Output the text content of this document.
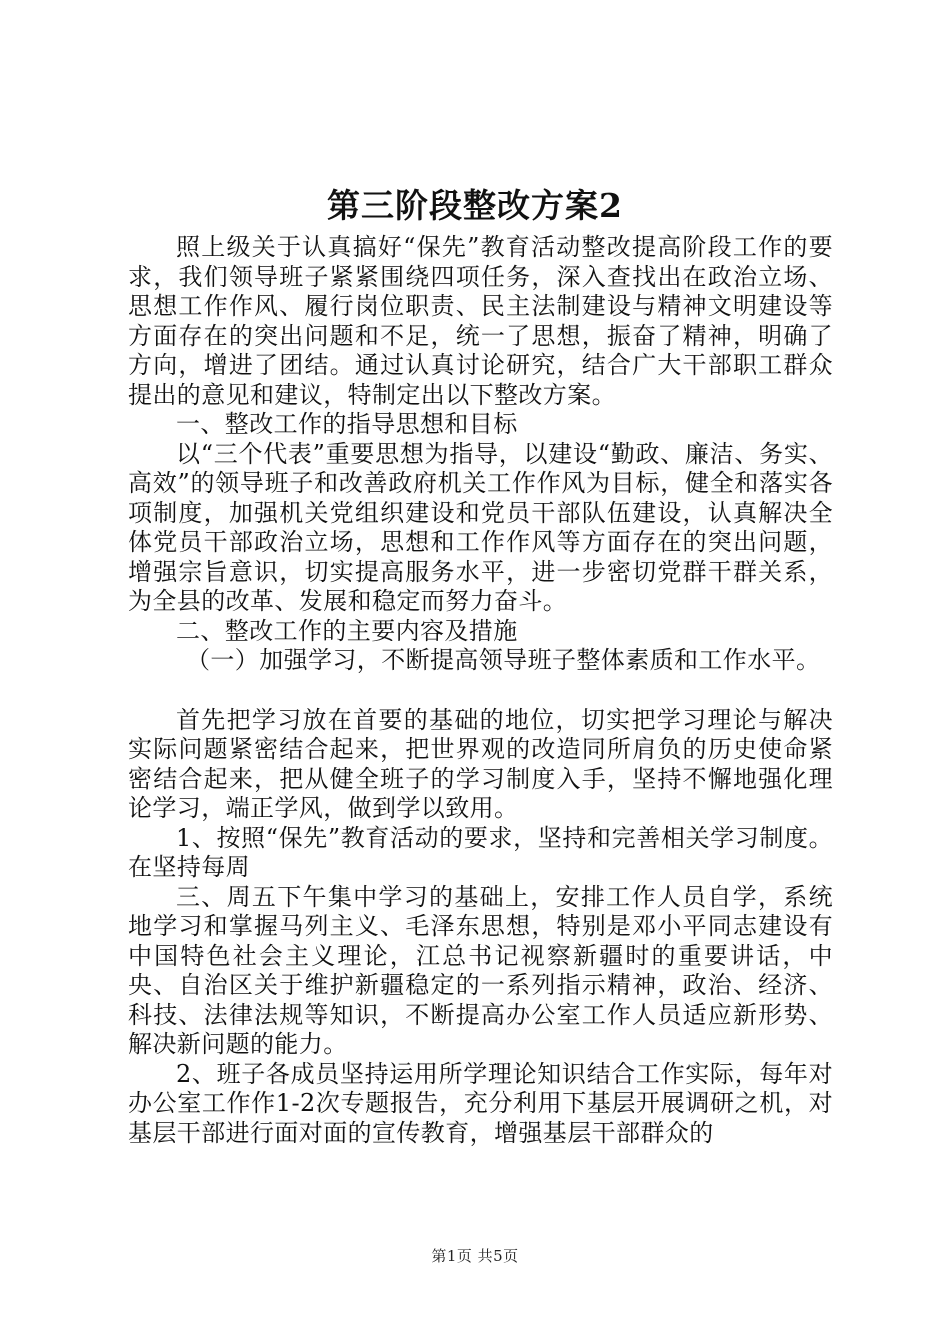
第三阶段整改方案2

照上级关于认真搞好“保先”教育活动整改提高阶段工作的要求，我们领导班子紧紧围绕四项任务，深入查找出在政治立场、思想工作作风、履行岗位职责、民主法制建设与精神文明建设等方面存在的突出问题和不足，统一了思想，振奋了精神，明确了方向，增进了团结。通过认真讨论研究，结合广大干部职工群众提出的意见和建议，特制定出以下整改方案。

一、整改工作的指导思想和目标

以“三个代表”重要思想为指导，以建设“勤政、廉洁、务实、高效”的领导班子和改善政府机关工作作风为目标，健全和落实各项制度，加强机关党组织建设和党员干部队伍建设，认真解决全体党员干部政治立场，思想和工作作风等方面存在的突出问题，增强宗旨意识，切实提高服务水平，进一步密切党群干群关系，为全县的改革、发展和稳定而努力奋斗。

二、整改工作的主要内容及措施

（一）加强学习，不断提高领导班子整体素质和工作水平。

首先把学习放在首要的基础的地位，切实把学习理论与解决实际问题紧密结合起来，把世界观的改造同所肩负的历史使命紧密结合起来，把从健全班子的学习制度入手，坚持不懈地强化理论学习，端正学风，做到学以致用。

1、按照“保先”教育活动的要求，坚持和完善相关学习制度。在坚持每周

三、周五下午集中学习的基础上，安排工作人员自学，系统地学习和掌握马列主义、毛泽东思想，特别是邓小平同志建设有中国特色社会主义理论，江总书记视察新疆时的重要讲话，中央、自治区关于维护新疆稳定的一系列指示精神，政治、经济、科技、法律法规等知识，不断提高办公室工作人员适应新形势、解决新问题的能力。

2、班子各成员坚持运用所学理论知识结合工作实际，每年对办公室工作作1-2次专题报告，充分利用下基层开展调研之机，对基层干部进行面对面的宣传教育，增强基层干部群众的

第1页 共5页
